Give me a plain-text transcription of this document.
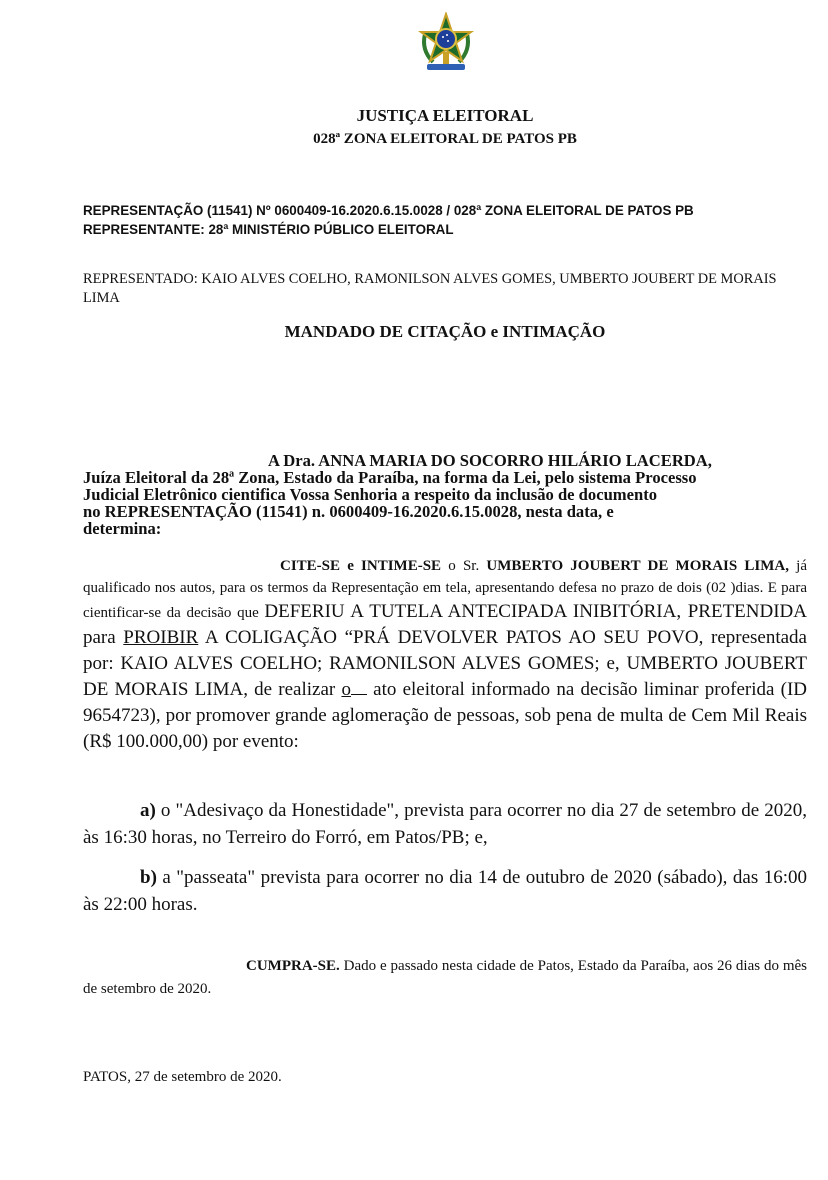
JUSTIÇA ELEITORAL
028ª ZONA ELEITORAL DE PATOS PB
REPRESENTAÇÃO (11541) Nº 0600409-16.2020.6.15.0028 / 028ª ZONA ELEITORAL DE PATOS PB
REPRESENTANTE: 28ª MINISTÉRIO PÚBLICO ELEITORAL
REPRESENTADO: KAIO ALVES COELHO, RAMONILSON ALVES GOMES, UMBERTO JOUBERT DE MORAIS LIMA
MANDADO DE CITAÇÃO e INTIMAÇÃO
A Dra. ANNA MARIA DO SOCORRO HILÁRIO LACERDA,
Juíza Eleitoral da 28ª Zona, Estado da Paraíba, na forma da Lei, pelo sistema Processo
Judicial Eletrônico cientifica Vossa Senhoria a respeito da inclusão de documento
no REPRESENTAÇÃO (11541) n. 0600409-16.2020.6.15.0028, nesta data, e
determina:
CITE-SE e INTIME-SE o Sr. UMBERTO JOUBERT DE MORAIS LIMA, já qualificado nos autos, para os termos da Representação em tela, apresentando defesa no prazo de dois (02 )dias. E para cientificar-se da decisão que DEFERIU A TUTELA ANTECIPADA INIBITÓRIA, PRETENDIDA para PROIBIR A COLIGAÇÃO “PRÁ DEVOLVER PATOS AO SEU POVO, representada por: KAIO ALVES COELHO; RAMONILSON ALVES GOMES; e, UMBERTO JOUBERT DE MORAIS LIMA, de realizar o ato eleitoral informado na decisão liminar proferida (ID 9654723), por promover grande aglomeração de pessoas, sob pena de multa de Cem Mil Reais (R$ 100.000,00) por evento:
a) o "Adesivaço da Honestidade", prevista para ocorrer no dia 27 de setembro de 2020, às 16:30 horas, no Terreiro do Forró, em Patos/PB; e,
b) a "passeata" prevista para ocorrer no dia 14 de outubro de 2020 (sábado), das 16:00 às 22:00 horas.
CUMPRA-SE. Dado e passado nesta cidade de Patos, Estado da Paraíba, aos 26 dias do mês de setembro de 2020.
PATOS, 27 de setembro de 2020.
